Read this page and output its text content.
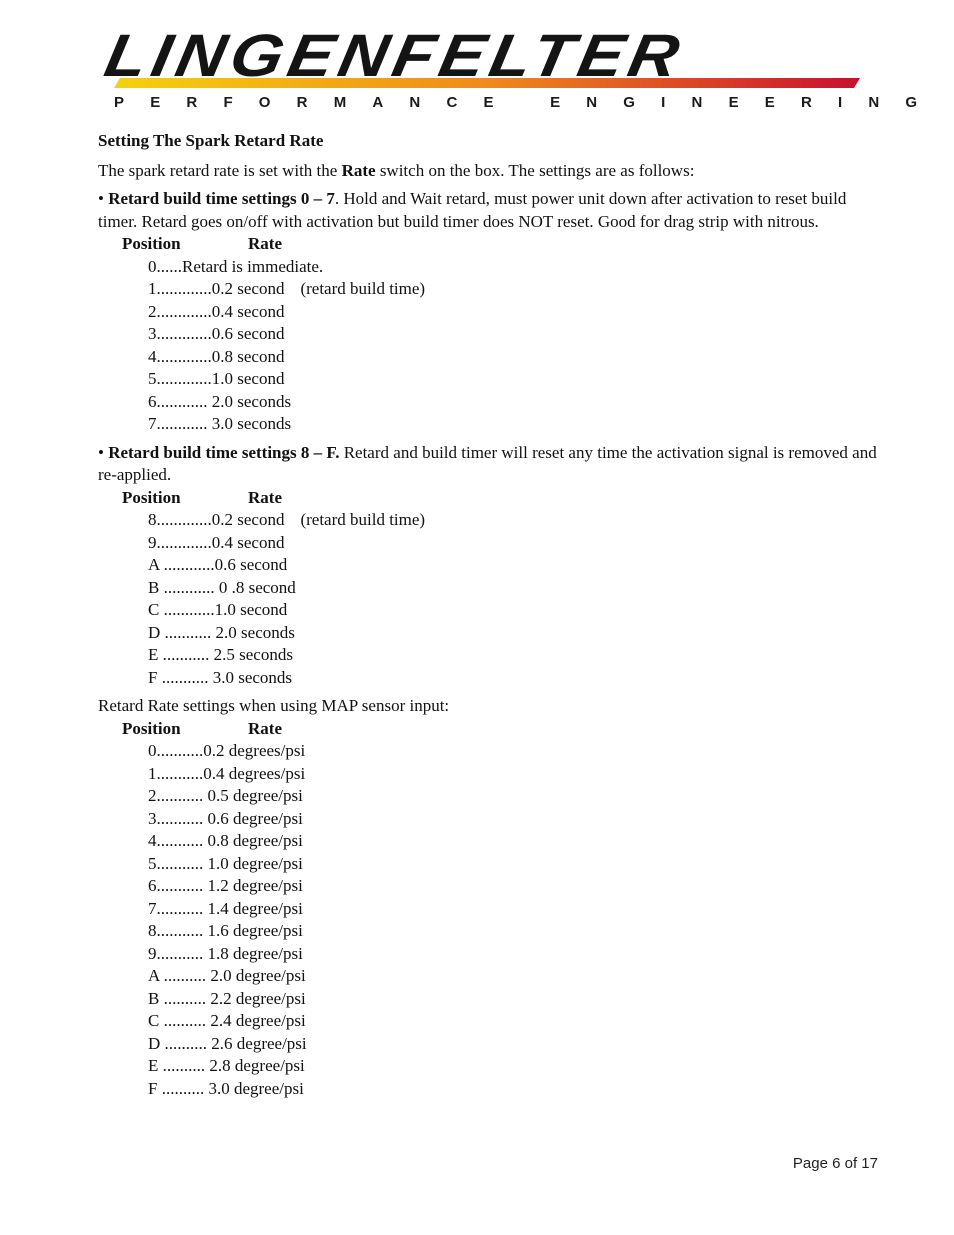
LINGENFELTER
PERFORMANCE ENGINEERING

Setting The Spark Retard Rate

The spark retard rate is set with the Rate switch on the box. The settings are as follows:

• Retard build time settings 0 – 7. Hold and Wait retard, must power unit down after activation to reset build timer. Retard goes on/off with activation but build timer does NOT reset. Good for drag strip with nitrous.

Position	Rate
0...... Retard is immediate.
1............. 0.2 second (retard build time)
2............. 0.4 second
3............. 0.6 second
4............. 0.8 second
5............. 1.0 second
6............ 2.0 seconds
7............ 3.0 seconds

• Retard build time settings 8 – F. Retard and build timer will reset any time the activation signal is removed and re-applied.

Position	Rate
8............. 0.2 second (retard build time)
9............. 0.4 second
A ............ 0.6 second
B ............ 0 .8 second
C ............ 1.0 second
D ........... 2.0 seconds
E ........... 2.5 seconds
F ........... 3.0 seconds

Retard Rate settings when using MAP sensor input:

Position	Rate
0........... 0.2 degrees/psi
1........... 0.4 degrees/psi
2........... 0.5 degree/psi
3........... 0.6 degree/psi
4........... 0.8 degree/psi
5........... 1.0 degree/psi
6........... 1.2 degree/psi
7........... 1.4 degree/psi
8........... 1.6 degree/psi
9........... 1.8 degree/psi
A .......... 2.0 degree/psi
B .......... 2.2 degree/psi
C .......... 2.4 degree/psi
D .......... 2.6 degree/psi
E .......... 2.8 degree/psi
F .......... 3.0 degree/psi
Page 6 of 17
